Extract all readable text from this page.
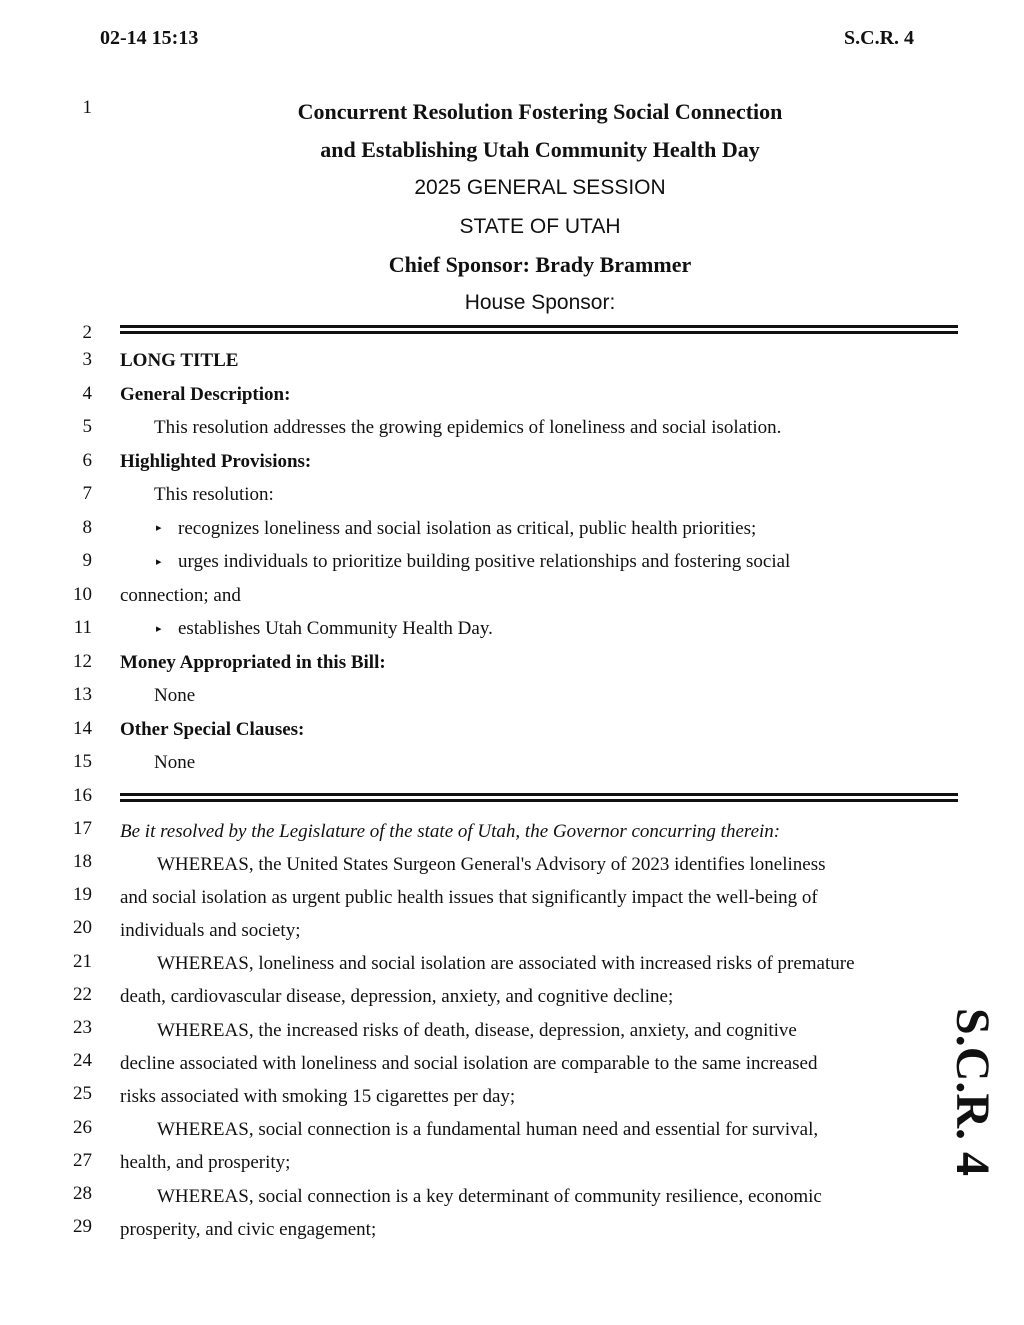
02-14 15:13	S.C.R. 4
1
2
3
4
5
6
7
8
9
10
11
12
13
14
15
16
17
18
19
20
21
22
23
24
25
26
27
28
29
Concurrent Resolution Fostering Social Connection
and Establishing Utah Community Health Day
2025 GENERAL SESSION
STATE OF UTAH
Chief Sponsor: Brady Brammer
House Sponsor:
LONG TITLE
General Description:
This resolution addresses the growing epidemics of loneliness and social isolation.
Highlighted Provisions:
This resolution:
▸ recognizes loneliness and social isolation as critical, public health priorities;
▸ urges individuals to prioritize building positive relationships and fostering social
connection; and
▸ establishes Utah Community Health Day.
Money Appropriated in this Bill:
None
Other Special Clauses:
None
Be it resolved by the Legislature of the state of Utah, the Governor concurring therein:
WHEREAS, the United States Surgeon General's Advisory of 2023 identifies loneliness
and social isolation as urgent public health issues that significantly impact the well-being of
individuals and society;
WHEREAS, loneliness and social isolation are associated with increased risks of premature
death, cardiovascular disease, depression, anxiety, and cognitive decline;
WHEREAS, the increased risks of death, disease, depression, anxiety, and cognitive
decline associated with loneliness and social isolation are comparable to the same increased
risks associated with smoking 15 cigarettes per day;
WHEREAS, social connection is a fundamental human need and essential for survival,
health, and prosperity;
WHEREAS, social connection is a key determinant of community resilience, economic
prosperity, and civic engagement;
S.C.R. 4
